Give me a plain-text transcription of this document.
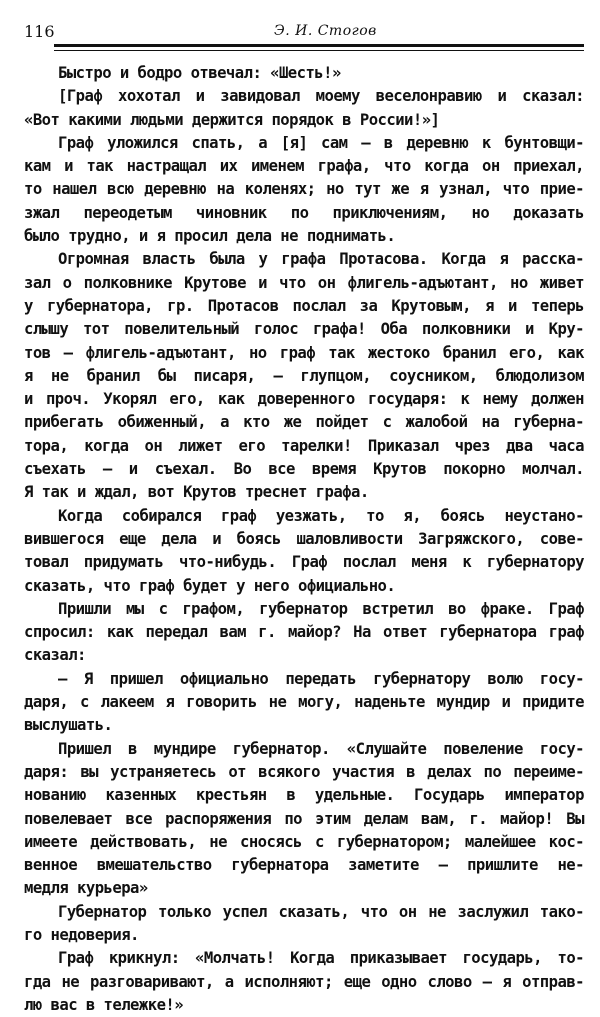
116	Э. И. Стогов
Быстро и бодро отвечал: «Шесть!»
[Граф хохотал и завидовал моему веселонравию и сказал:
«Вот какими людьми держится порядок в России!»]
Граф уложился спать, а [я] сам — в деревню к бунтовщи-
кам и так настращал их именем графа, что когда он приехал,
то нашел всю деревню на коленях; но тут же я узнал, что прие-
зжал переодетым чиновник по приключениям, но доказать
было трудно, и я просил дела не поднимать.
Огромная власть была у графа Протасова. Когда я расска-
зал о полковнике Крутове и что он флигель-адъютант, но живет
у губернатора, гр. Протасов послал за Крутовым, я и теперь
слышу тот повелительный голос графа! Оба полковники и Кру-
тов — флигель-адъютант, но граф так жестоко бранил его, как
я не бранил бы писаря, — глупцом, соусником, блюдолизом
и проч. Укорял его, как доверенного государя: к нему должен
прибегать обиженный, а кто же пойдет с жалобой на губерна-
тора, когда он лижет его тарелки! Приказал чрез два часа
съехать — и съехал. Во все время Крутов покорно молчал.
Я так и ждал, вот Крутов треснет графа.
Когда собирался граф уезжать, то я, боясь неустано-
вившегося еще дела и боясь шаловливости Загряжского, сове-
товал придумать что-нибудь. Граф послал меня к губернатору
сказать, что граф будет у него официально.
Пришли мы с графом, губернатор встретил во фраке. Граф
спросил: как передал вам г. майор? На ответ губернатора граф
сказал:
— Я пришел официально передать губернатору волю госу-
даря, с лакеем я говорить не могу, наденьте мундир и придите
выслушать.
Пришел в мундире губернатор. «Слушайте повеление госу-
даря: вы устраняетесь от всякого участия в делах по переиме-
нованию казенных крестьян в удельные. Государь император
повелевает все распоряжения по этим делам вам, г. майор! Вы
имеете действовать, не сносясь с губернатором; малейшее кос-
венное вмешательство губернатора заметите — пришлите не-
медля курьера»
Губернатор только успел сказать, что он не заслужил тако-
го недоверия.
Граф крикнул: «Молчать! Когда приказывает государь, то-
гда не разговаривают, а исполняют; еще одно слово — я отправ-
лю вас в тележке!»
